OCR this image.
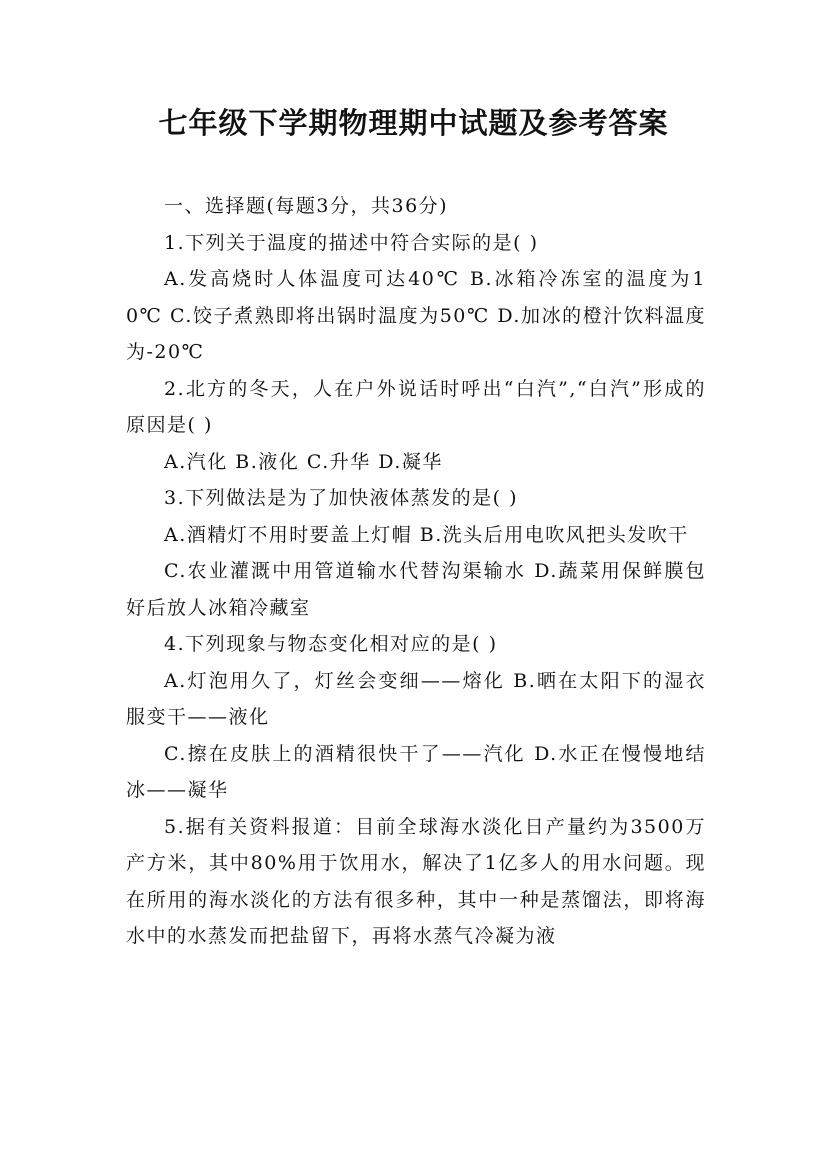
七年级下学期物理期中试题及参考答案

一、选择题(每题3分，共36分)

1.下列关于温度的描述中符合实际的是( )

A.发高烧时人体温度可达40℃ B.冰箱冷冻室的温度为10℃ C.饺子煮熟即将出锅时温度为50℃ D.加冰的橙汁饮料温度为-20℃

2.北方的冬天，人在户外说话时呼出“白汽”,“白汽”形成的原因是( )

A.汽化 B.液化 C.升华 D.凝华

3.下列做法是为了加快液体蒸发的是( )

A.酒精灯不用时要盖上灯帽 B.洗头后用电吹风把头发吹干

C.农业灌溉中用管道输水代替沟渠输水 D.蔬菜用保鲜膜包好后放人冰箱冷藏室

4.下列现象与物态变化相对应的是( )

A.灯泡用久了，灯丝会变细——熔化 B.晒在太阳下的湿衣服变干——液化

C.擦在皮肤上的酒精很快干了——汽化 D.水正在慢慢地结冰——凝华

5.据有关资料报道：目前全球海水淡化日产量约为3500万产方米，其中80%用于饮用水，解决了1亿多人的用水问题。现在所用的海水淡化的方法有很多种，其中一种是蒸馏法，即将海水中的水蒸发而把盐留下，再将水蒸气冷凝为液
